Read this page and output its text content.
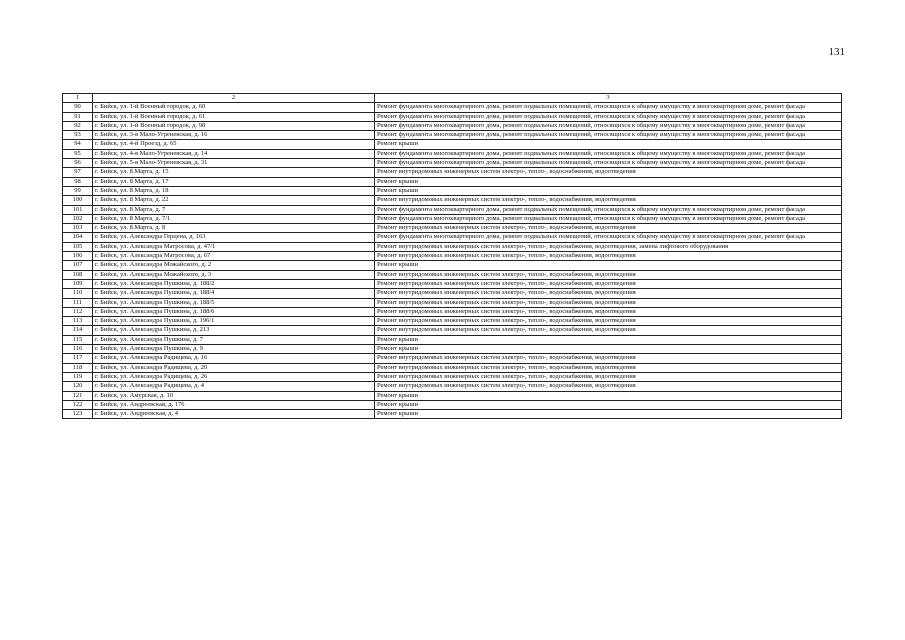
131
1	2	3
90	г. Бийск, ул. 1-й Военный городок, д. 60	Ремонт фундамента многоквартирного дома, ремонт подвальных помещений, относящихся к общему имуществу в многоквартирном доме, ремонт фасада
91	г. Бийск, ул. 1-й Военный городок, д. 61	Ремонт фундамента многоквартирного дома, ремонт подвальных помещений, относящихся к общему имуществу в многоквартирном доме, ремонт фасада
92	г. Бийск, ул. 1-й Военный городок, д. 98	Ремонт фундамента многоквартирного дома, ремонт подвальных помещений, относящихся к общему имуществу в многоквартирном доме, ремонт фасада
93	г. Бийск, ул. 3-я Мало-Угреневская, д. 16	Ремонт фундамента многоквартирного дома, ремонт подвальных помещений, относящихся к общему имуществу в многоквартирном доме, ремонт фасада
94	г. Бийск, ул. 4-й Проезд, д. 65	Ремонт крыши
95	г. Бийск, ул. 4-я Мало-Угреневская, д. 14	Ремонт фундамента многоквартирного дома, ремонт подвальных помещений, относящихся к общему имуществу в многоквартирном доме, ремонт фасада
96	г. Бийск, ул. 5-я Мало-Угреневская, д. 31	Ремонт фундамента многоквартирного дома, ремонт подвальных помещений, относящихся к общему имуществу в многоквартирном доме, ремонт фасада
97	г. Бийск, ул. 8 Марта, д. 15	Ремонт внутридомовых инженерных систем электро-, тепло-, водоснабжения, водоотведения
98	г. Бийск, ул. 8 Марта, д. 17	Ремонт крыши
99	г. Бийск, ул. 8 Марта, д. 18	Ремонт крыши
100	г. Бийск, ул. 8 Марта, д. 22	Ремонт внутридомовых инженерных систем электро-, тепло-, водоснабжения, водоотведения
101	г. Бийск, ул. 8 Марта, д. 7	Ремонт фундамента многоквартирного дома, ремонт подвальных помещений, относящихся к общему имуществу в многоквартирном доме, ремонт фасада
102	г. Бийск, ул. 8 Марта, д. 7/1	Ремонт фундамента многоквартирного дома, ремонт подвальных помещений, относящихся к общему имуществу в многоквартирном доме, ремонт фасада
103	г. Бийск, ул. 8 Марта, д. 8	Ремонт внутридомовых инженерных систем электро-, тепло-, водоснабжения, водоотведения
104	г. Бийск, ул. Александра Герцена, д. 163	Ремонт фундамента многоквартирного дома, ремонт подвальных помещений, относящихся к общему имуществу в многоквартирном доме, ремонт фасада
105	г. Бийск, ул. Александра Матросова, д. 47/1	Ремонт внутридомовых инженерных систем электро-, тепло-, водоснабжения, водоотведения, замена лифтового оборудования
106	г. Бийск, ул. Александра Матросова, д. 67	Ремонт внутридомовых инженерных систем электро-, тепло-, водоснабжения, водоотведения
107	г. Бийск, ул. Александра Можайского, д. 2	Ремонт крыши
108	г. Бийск, ул. Александра Можайского, д. 3	Ремонт внутридомовых инженерных систем электро-, тепло-, водоснабжения, водоотведения
109	г. Бийск, ул. Александра Пушкина, д. 188/2	Ремонт внутридомовых инженерных систем электро-, тепло-, водоснабжения, водоотведения
110	г. Бийск, ул. Александра Пушкина, д. 188/4	Ремонт внутридомовых инженерных систем электро-, тепло-, водоснабжения, водоотведения
111	г. Бийск, ул. Александра Пушкина, д. 188/5	Ремонт внутридомовых инженерных систем электро-, тепло-, водоснабжения, водоотведения
112	г. Бийск, ул. Александра Пушкина, д. 188/6	Ремонт внутридомовых инженерных систем электро-, тепло-, водоснабжения, водоотведения
113	г. Бийск, ул. Александра Пушкина, д. 196/1	Ремонт внутридомовых инженерных систем электро-, тепло-, водоснабжения, водоотведения
114	г. Бийск, ул. Александра Пушкина, д. 213	Ремонт внутридомовых инженерных систем электро-, тепло-, водоснабжения, водоотведения
115	г. Бийск, ул. Александра Пушкина, д. 7	Ремонт крыши
116	г. Бийск, ул. Александра Пушкина, д. 9	Ремонт крыши
117	г. Бийск, ул. Александра Радищева, д. 16	Ремонт внутридомовых инженерных систем электро-, тепло-, водоснабжения, водоотведения
118	г. Бийск, ул. Александра Радищева, д. 20	Ремонт внутридомовых инженерных систем электро-, тепло-, водоснабжения, водоотведения
119	г. Бийск, ул. Александра Радищева, д. 26	Ремонт внутридомовых инженерных систем электро-, тепло-, водоснабжения, водоотведения
120	г. Бийск, ул. Александра Радищева, д. 4	Ремонт внутридомовых инженерных систем электро-, тепло-, водоснабжения, водоотведения
121	г. Бийск, ул. Амурская, д. 10	Ремонт крыши
122	г. Бийск, ул. Андреевская, д. 176	Ремонт крыши
123	г. Бийск, ул. Андреевская, д. 4	Ремонт крыши
